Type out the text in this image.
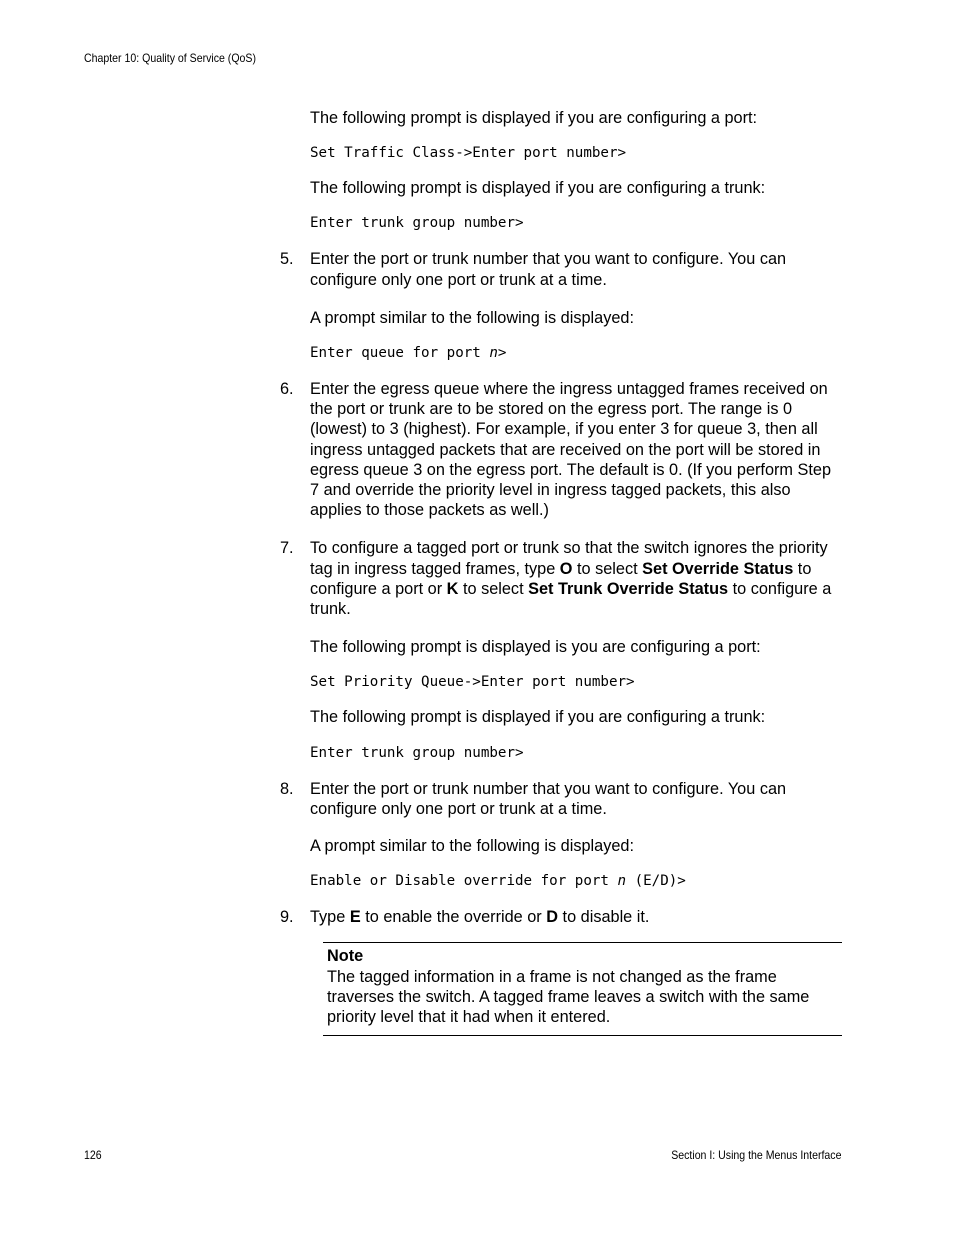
Chapter 10: Quality of Service (QoS)

The following prompt is displayed if you are configuring a port:

Set Traffic Class->Enter port number>

The following prompt is displayed if you are configuring a trunk:

Enter trunk group number>

5. Enter the port or trunk number that you want to configure. You can configure only one port or trunk at a time.

A prompt similar to the following is displayed:

Enter queue for port n>

6. Enter the egress queue where the ingress untagged frames received on the port or trunk are to be stored on the egress port. The range is 0 (lowest) to 3 (highest). For example, if you enter 3 for queue 3, then all ingress untagged packets that are received on the port will be stored in egress queue 3 on the egress port. The default is 0. (If you perform Step 7 and override the priority level in ingress tagged packets, this also applies to those packets as well.)

7. To configure a tagged port or trunk so that the switch ignores the priority tag in ingress tagged frames, type O to select Set Override Status to configure a port or K to select Set Trunk Override Status to configure a trunk.

The following prompt is displayed is you are configuring a port:

Set Priority Queue->Enter port number>

The following prompt is displayed if you are configuring a trunk:

Enter trunk group number>

8. Enter the port or trunk number that you want to configure. You can configure only one port or trunk at a time.

A prompt similar to the following is displayed:

Enable or Disable override for port n (E/D)>

9. Type E to enable the override or D to disable it.

Note
The tagged information in a frame is not changed as the frame traverses the switch. A tagged frame leaves a switch with the same priority level that it had when it entered.
126	Section I: Using the Menus Interface
